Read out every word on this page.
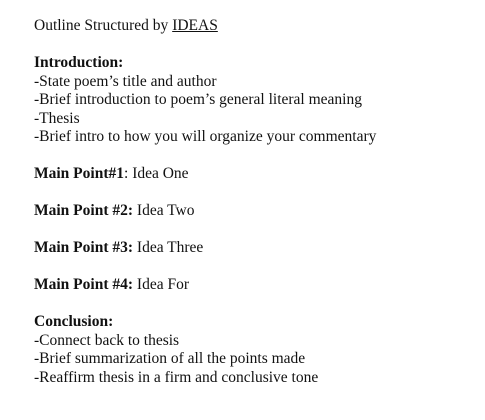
Outline Structured by IDEAS
Introduction:
-State poem’s title and author
-Brief introduction to poem’s general literal meaning
-Thesis
-Brief intro to how you will organize your commentary
Main Point#1: Idea One
Main Point #2: Idea Two
Main Point #3: Idea Three
Main Point #4: Idea For
Conclusion:
-Connect back to thesis
-Brief summarization of all the points made
-Reaffirm thesis in a firm and conclusive tone
